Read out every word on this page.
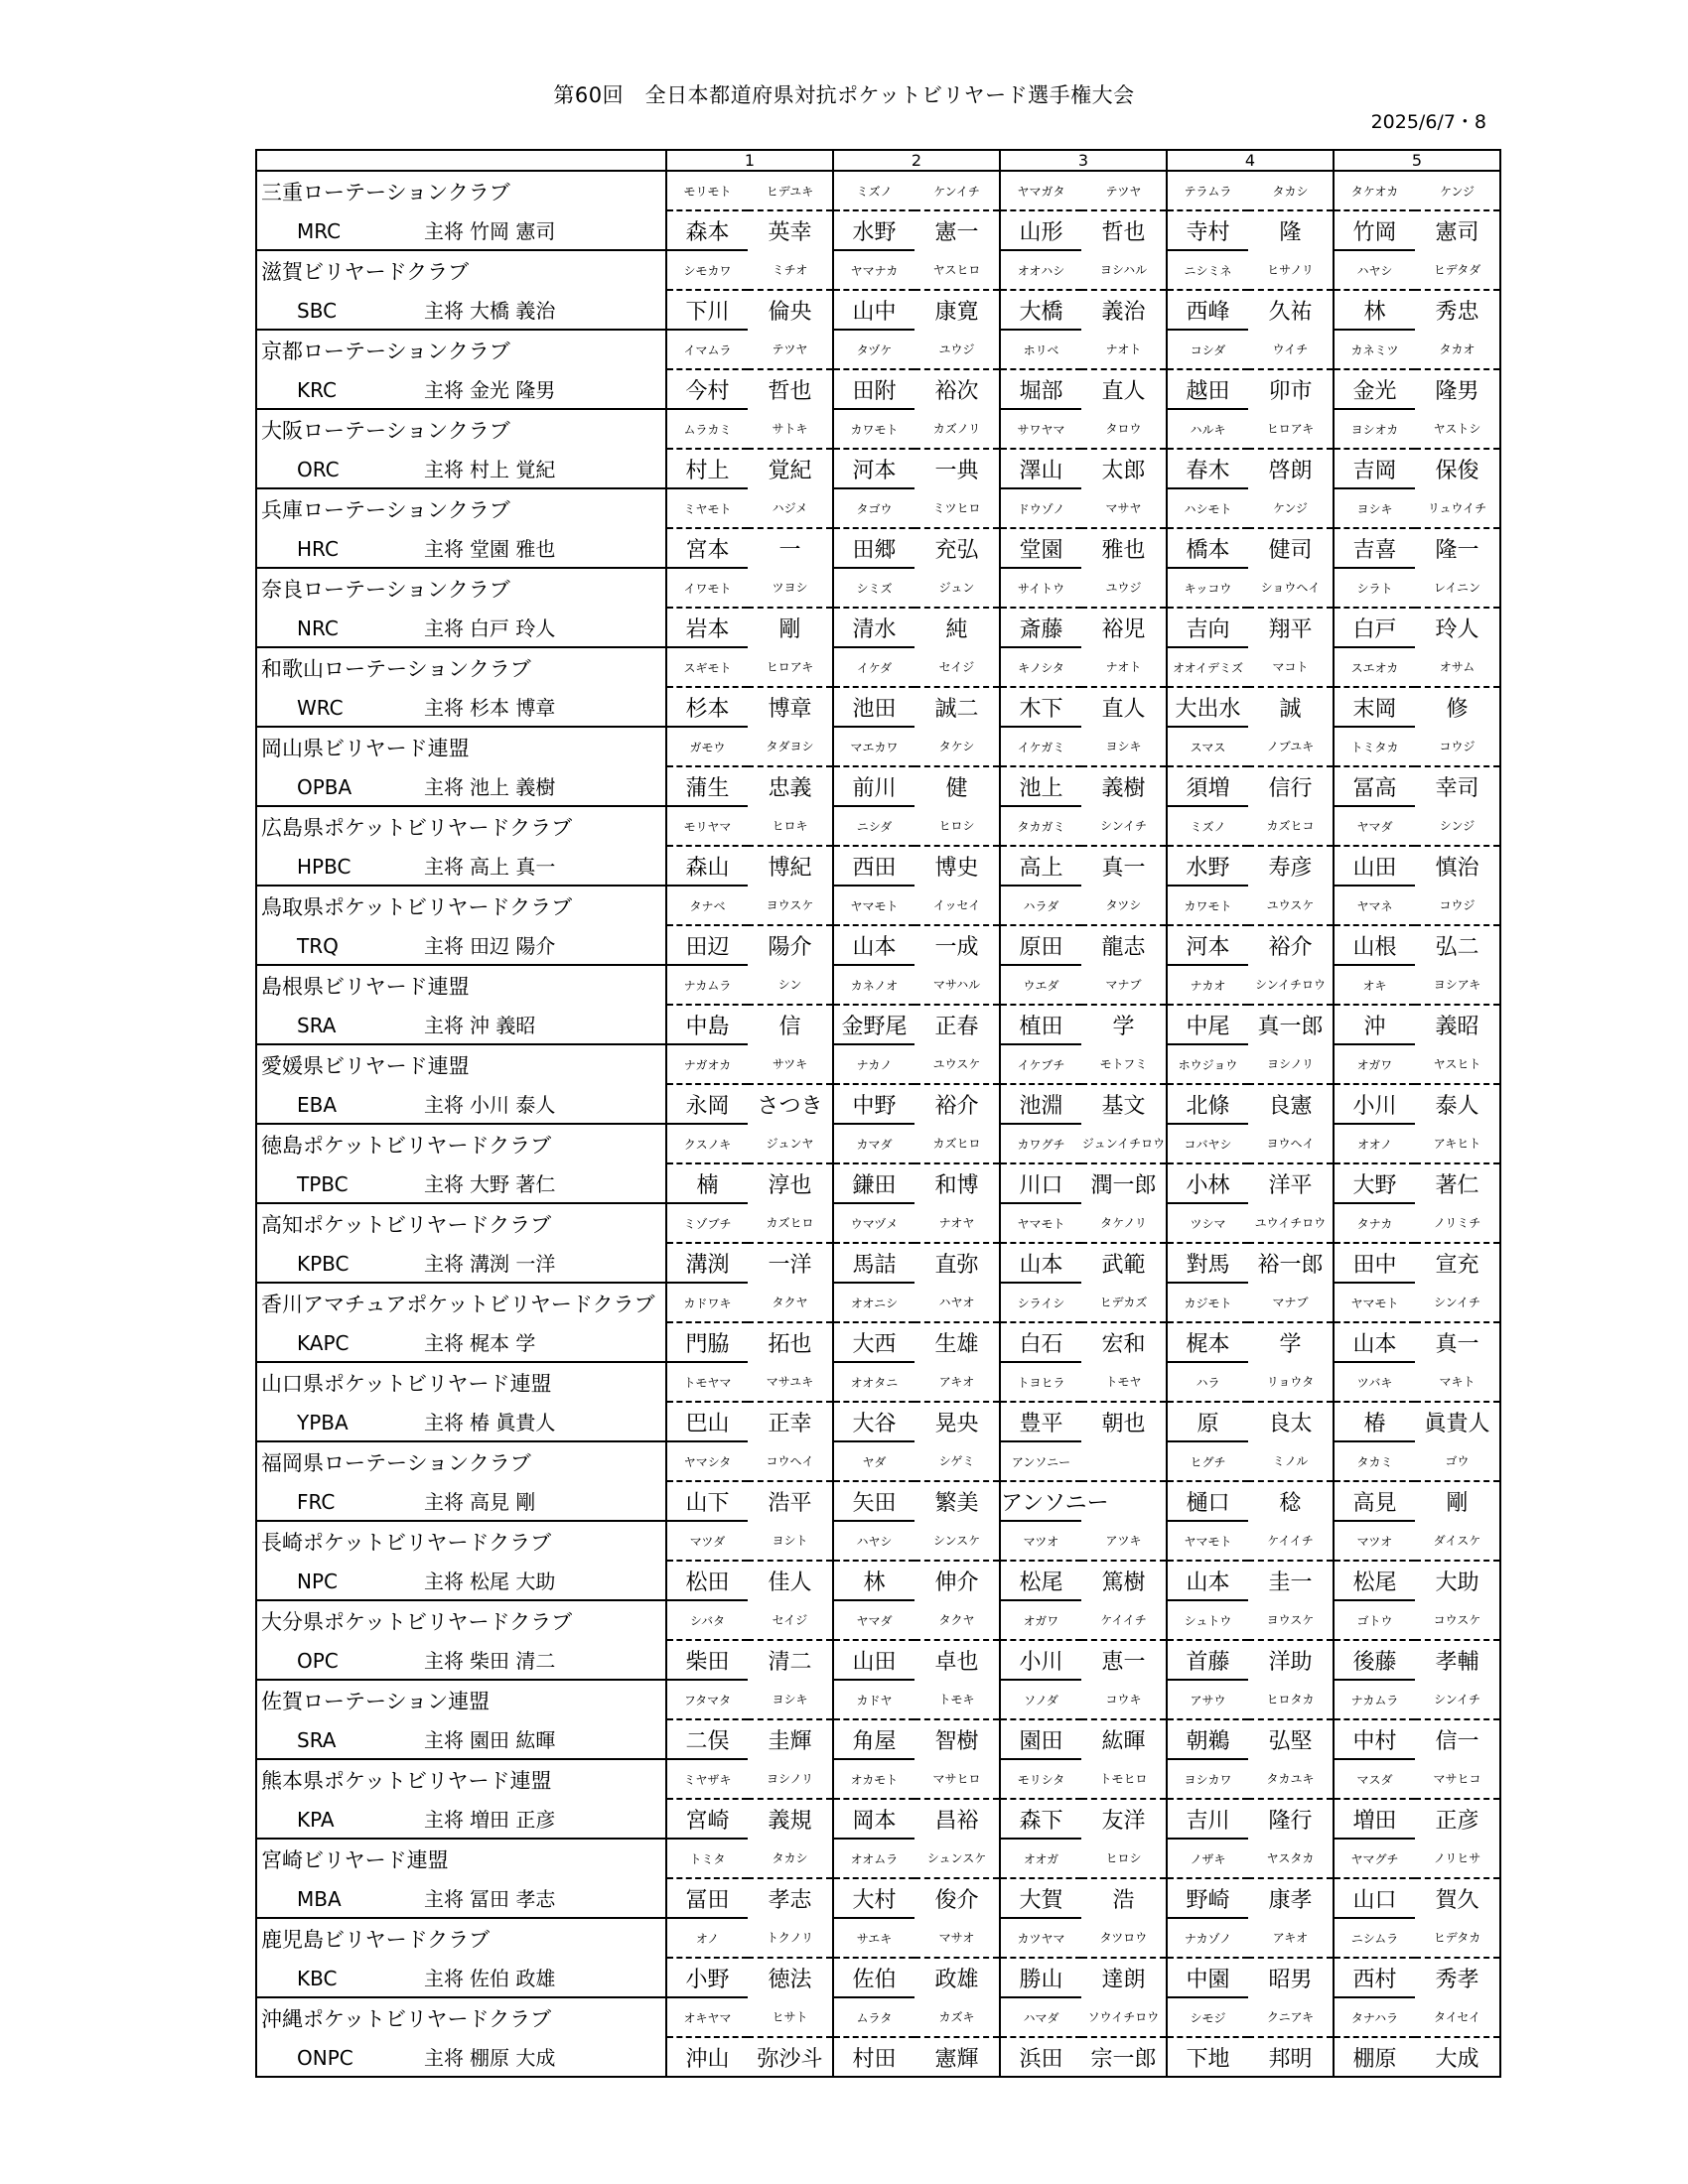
第60回　全日本都道府県対抗ポケットビリヤード選手権大会
2025/6/7・8
	1		2		3		4		5	
三重ローテーションクラブ	モリモト	ヒデユキ	ミズノ	ケンイチ	ヤマガタ	テツヤ	テラムラ	タカシ	タケオカ	ケンジ
MRC 主将 竹岡 憲司	森本	英幸	水野	憲一	山形	哲也	寺村	隆	竹岡	憲司
滋賀ビリヤードクラブ	シモカワ	ミチオ	ヤマナカ	ヤスヒロ	オオハシ	ヨシハル	ニシミネ	ヒサノリ	ハヤシ	ヒデタダ
SBC 主将 大橋 義治	下川	倫央	山中	康寛	大橋	義治	西峰	久祐	林	秀忠
京都ローテーションクラブ	イマムラ	テツヤ	タヅケ	ユウジ	ホリベ	ナオト	コシダ	ウイチ	カネミツ	タカオ
KRC 主将 金光 隆男	今村	哲也	田附	裕次	堀部	直人	越田	卯市	金光	隆男
大阪ローテーションクラブ	ムラカミ	サトキ	カワモト	カズノリ	サワヤマ	タロウ	ハルキ	ヒロアキ	ヨシオカ	ヤストシ
ORC 主将 村上 覚紀	村上	覚紀	河本	一典	澤山	太郎	春木	啓朗	吉岡	保俊
兵庫ローテーションクラブ	ミヤモト	ハジメ	タゴウ	ミツヒロ	ドウゾノ	マサヤ	ハシモト	ケンジ	ヨシキ	リュウイチ
HRC 主将 堂園 雅也	宮本	一	田郷	充弘	堂園	雅也	橋本	健司	吉喜	隆一
奈良ローテーションクラブ	イワモト	ツヨシ	シミズ	ジュン	サイトウ	ユウジ	キッコウ	ショウヘイ	シラト	レイニン
NRC 主将 白戸 玲人	岩本	剛	清水	純	斎藤	裕児	吉向	翔平	白戸	玲人
和歌山ローテーションクラブ	スギモト	ヒロアキ	イケダ	セイジ	キノシタ	ナオト	オオイデミズ	マコト	スエオカ	オサム
WRC 主将 杉本 博章	杉本	博章	池田	誠二	木下	直人	大出水	誠	末岡	修
岡山県ビリヤード連盟	ガモウ	タダヨシ	マエカワ	タケシ	イケガミ	ヨシキ	スマス	ノブユキ	トミタカ	コウジ
OPBA 主将 池上 義樹	蒲生	忠義	前川	健	池上	義樹	須増	信行	冨高	幸司
広島県ポケットビリヤードクラブ	モリヤマ	ヒロキ	ニシダ	ヒロシ	タカガミ	シンイチ	ミズノ	カズヒコ	ヤマダ	シンジ
HPBC 主将 高上 真一	森山	博紀	西田	博史	高上	真一	水野	寿彦	山田	慎治
鳥取県ポケットビリヤードクラブ	タナベ	ヨウスケ	ヤマモト	イッセイ	ハラダ	タツシ	カワモト	ユウスケ	ヤマネ	コウジ
TRQ 主将 田辺 陽介	田辺	陽介	山本	一成	原田	龍志	河本	裕介	山根	弘二
島根県ビリヤード連盟	ナカムラ	シン	カネノオ	マサハル	ウエダ	マナブ	ナカオ	シンイチロウ	オキ	ヨシアキ
SRA 主将 沖 義昭	中島	信	金野尾	正春	植田	学	中尾	真一郎	沖	義昭
愛媛県ビリヤード連盟	ナガオカ	サツキ	ナカノ	ユウスケ	イケブチ	モトフミ	ホウジョウ	ヨシノリ	オガワ	ヤスヒト
EBA 主将 小川 泰人	永岡	さつき	中野	裕介	池淵	基文	北條	良憲	小川	泰人
徳島ポケットビリヤードクラブ	クスノキ	ジュンヤ	カマダ	カズヒロ	カワグチ	ジュンイチロウ	コバヤシ	ヨウヘイ	オオノ	アキヒト
TPBC 主将 大野 著仁	楠	淳也	鎌田	和博	川口	潤一郎	小林	洋平	大野	著仁
高知ポケットビリヤードクラブ	ミゾブチ	カズヒロ	ウマヅメ	ナオヤ	ヤマモト	タケノリ	ツシマ	ユウイチロウ	タナカ	ノリミチ
KPBC 主将 溝渕 一洋	溝渕	一洋	馬詰	直弥	山本	武範	對馬	裕一郎	田中	宣充
香川アマチュアポケットビリヤードクラブ	カドワキ	タクヤ	オオニシ	ハヤオ	シライシ	ヒデカズ	カジモト	マナブ	ヤマモト	シンイチ
KAPC 主将 梶本 学	門脇	拓也	大西	生雄	白石	宏和	梶本	学	山本	真一
山口県ポケットビリヤード連盟	トモヤマ	マサユキ	オオタニ	アキオ	トヨヒラ	トモヤ	ハラ	リョウタ	ツバキ	マキト
YPBA 主将 椿 眞貴人	巴山	正幸	大谷	晃央	豊平	朝也	原	良太	椿	眞貴人
福岡県ローテーションクラブ	ヤマシタ	コウヘイ	ヤダ	シゲミ	アンソニー		ヒグチ	ミノル	タカミ	ゴウ
FRC 主将 高見 剛	山下	浩平	矢田	繁美	アンソニー		樋口	稔	高見	剛
長崎ポケットビリヤードクラブ	マツダ	ヨシト	ハヤシ	シンスケ	マツオ	アツキ	ヤマモト	ケイイチ	マツオ	ダイスケ
NPC 主将 松尾 大助	松田	佳人	林	伸介	松尾	篤樹	山本	圭一	松尾	大助
大分県ポケットビリヤードクラブ	シバタ	セイジ	ヤマダ	タクヤ	オガワ	ケイイチ	シュトウ	ヨウスケ	ゴトウ	コウスケ
OPC 主将 柴田 清二	柴田	清二	山田	卓也	小川	恵一	首藤	洋助	後藤	孝輔
佐賀ローテーション連盟	フタマタ	ヨシキ	カドヤ	トモキ	ソノダ	コウキ	アサウ	ヒロタカ	ナカムラ	シンイチ
SRA 主将 園田 紘暉	二俣	圭輝	角屋	智樹	園田	紘暉	朝鵜	弘堅	中村	信一
熊本県ポケットビリヤード連盟	ミヤザキ	ヨシノリ	オカモト	マサヒロ	モリシタ	トモヒロ	ヨシカワ	タカユキ	マスダ	マサヒコ
KPA 主将 増田 正彦	宮崎	義規	岡本	昌裕	森下	友洋	吉川	隆行	増田	正彦
宮崎ビリヤード連盟	トミタ	タカシ	オオムラ	シュンスケ	オオガ	ヒロシ	ノザキ	ヤスタカ	ヤマグチ	ノリヒサ
MBA 主将 冨田 孝志	冨田	孝志	大村	俊介	大賀	浩	野崎	康孝	山口	賀久
鹿児島ビリヤードクラブ	オノ	トクノリ	サエキ	マサオ	カツヤマ	タツロウ	ナカゾノ	アキオ	ニシムラ	ヒデタカ
KBC 主将 佐伯 政雄	小野	徳法	佐伯	政雄	勝山	達朗	中園	昭男	西村	秀孝
沖縄ポケットビリヤードクラブ	オキヤマ	ヒサト	ムラタ	カズキ	ハマダ	ソウイチロウ	シモジ	クニアキ	タナハラ	タイセイ
ONPC 主将 棚原 大成	沖山	弥沙斗	村田	憲輝	浜田	宗一郎	下地	邦明	棚原	大成
